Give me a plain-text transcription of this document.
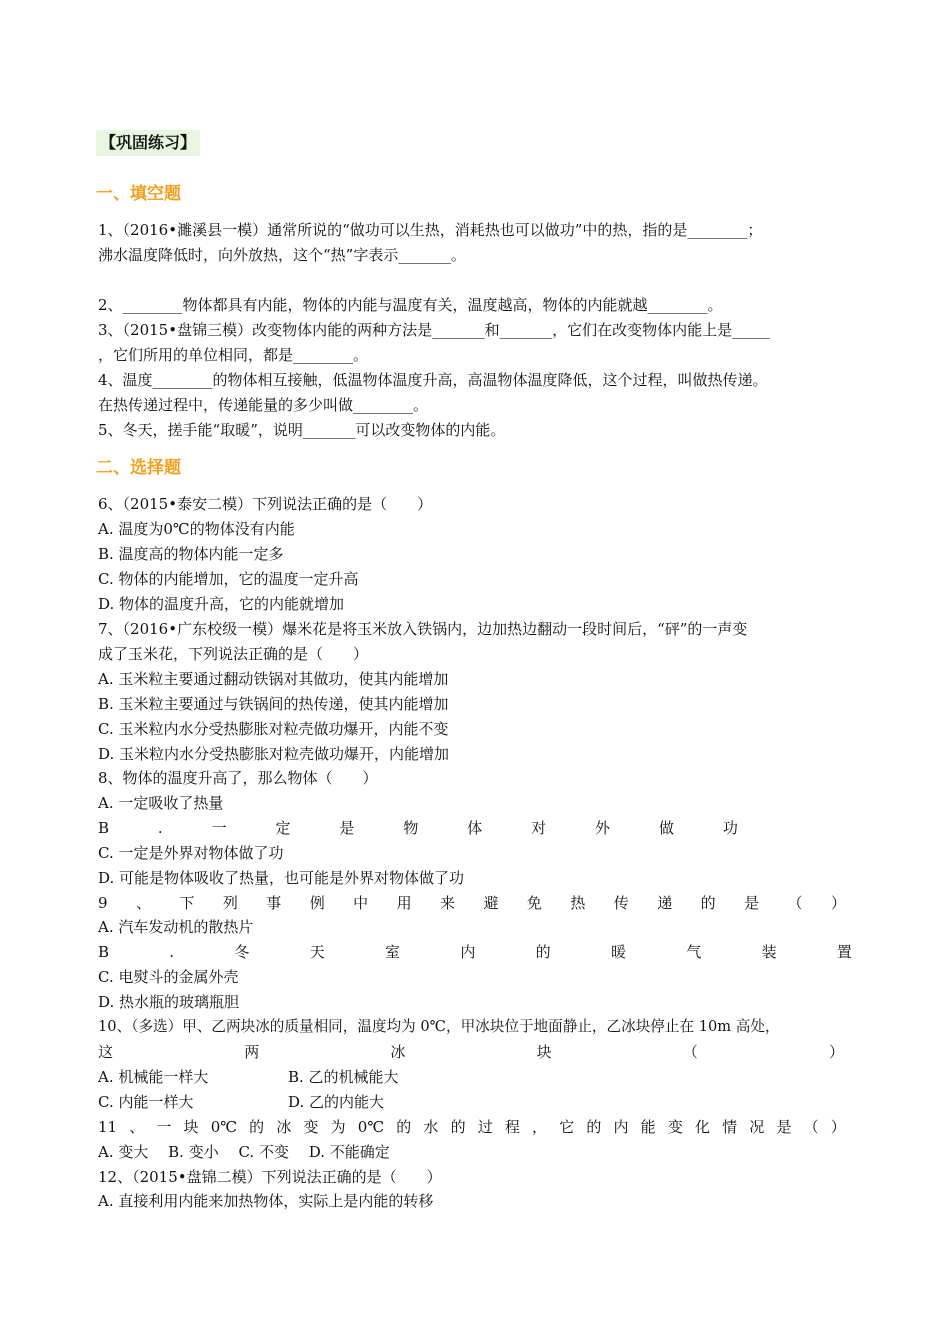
【巩固练习】
一、填空题
1、（2016•濉溪县一模）通常所说的“做功可以生热，消耗热也可以做功”中的热，指的是________；
沸水温度降低时，向外放热，这个“热”字表示_______。
2、________物体都具有内能，物体的内能与温度有关，温度越高，物体的内能就越________。
3、（2015•盘锦三模）改变物体内能的两种方法是_______和_______，它们在改变物体内能上是_____
，它们所用的单位相同，都是________。
4、温度________的物体相互接触，低温物体温度升高，高温物体温度降低，这个过程，叫做热传递。
在热传递过程中，传递能量的多少叫做________。
5、冬天，搓手能“取暖”，说明_______可以改变物体的内能。
二、选择题
6、（2015•泰安二模）下列说法正确的是（　　）
A. 温度为0℃的物体没有内能
B. 温度高的物体内能一定多
C. 物体的内能增加，它的温度一定升高
D. 物体的温度升高，它的内能就增加
7、（2016•广东校级一模）爆米花是将玉米放入铁锅内，边加热边翻动一段时间后，“砰”的一声变
成了玉米花，下列说法正确的是（　　）
A. 玉米粒主要通过翻动铁锅对其做功，使其内能增加
B. 玉米粒主要通过与铁锅间的热传递，使其内能增加
C. 玉米粒内水分受热膨胀对粒壳做功爆开，内能不变
D. 玉米粒内水分受热膨胀对粒壳做功爆开，内能增加
8、物体的温度升高了，那么物体（　　）
A. 一定吸收了热量
B	.	一	定	是	物	体	对	外	做	功
C. 一定是外界对物体做了功
D. 可能是物体吸收了热量，也可能是外界对物体做了功
9 、 下 列 事 例 中 用 来 避 免 热 传 递 的 是 （ ）
A. 汽车发动机的散热片
B	.	冬	天	室	内	的	暖	气	装	置
C. 电熨斗的金属外壳
D. 热水瓶的玻璃瓶胆
10、（多选）甲、乙两块冰的质量相同，温度均为 0℃，甲冰块位于地面静止，乙冰块停止在 10m 高处，
这	两	冰	块	（	）
A. 机械能一样大	B. 乙的机械能大
C. 内能一样大	D. 乙的内能大
11 、 一 块 0℃ 的 冰 变 为 0℃ 的 水 的 过 程 ， 它 的 内 能 变 化 情 况 是 （ ）
A. 变大　 B. 变小　 C. 不变　 D. 不能确定
12、（2015•盘锦二模）下列说法正确的是（　　）
A. 直接利用内能来加热物体，实际上是内能的转移
